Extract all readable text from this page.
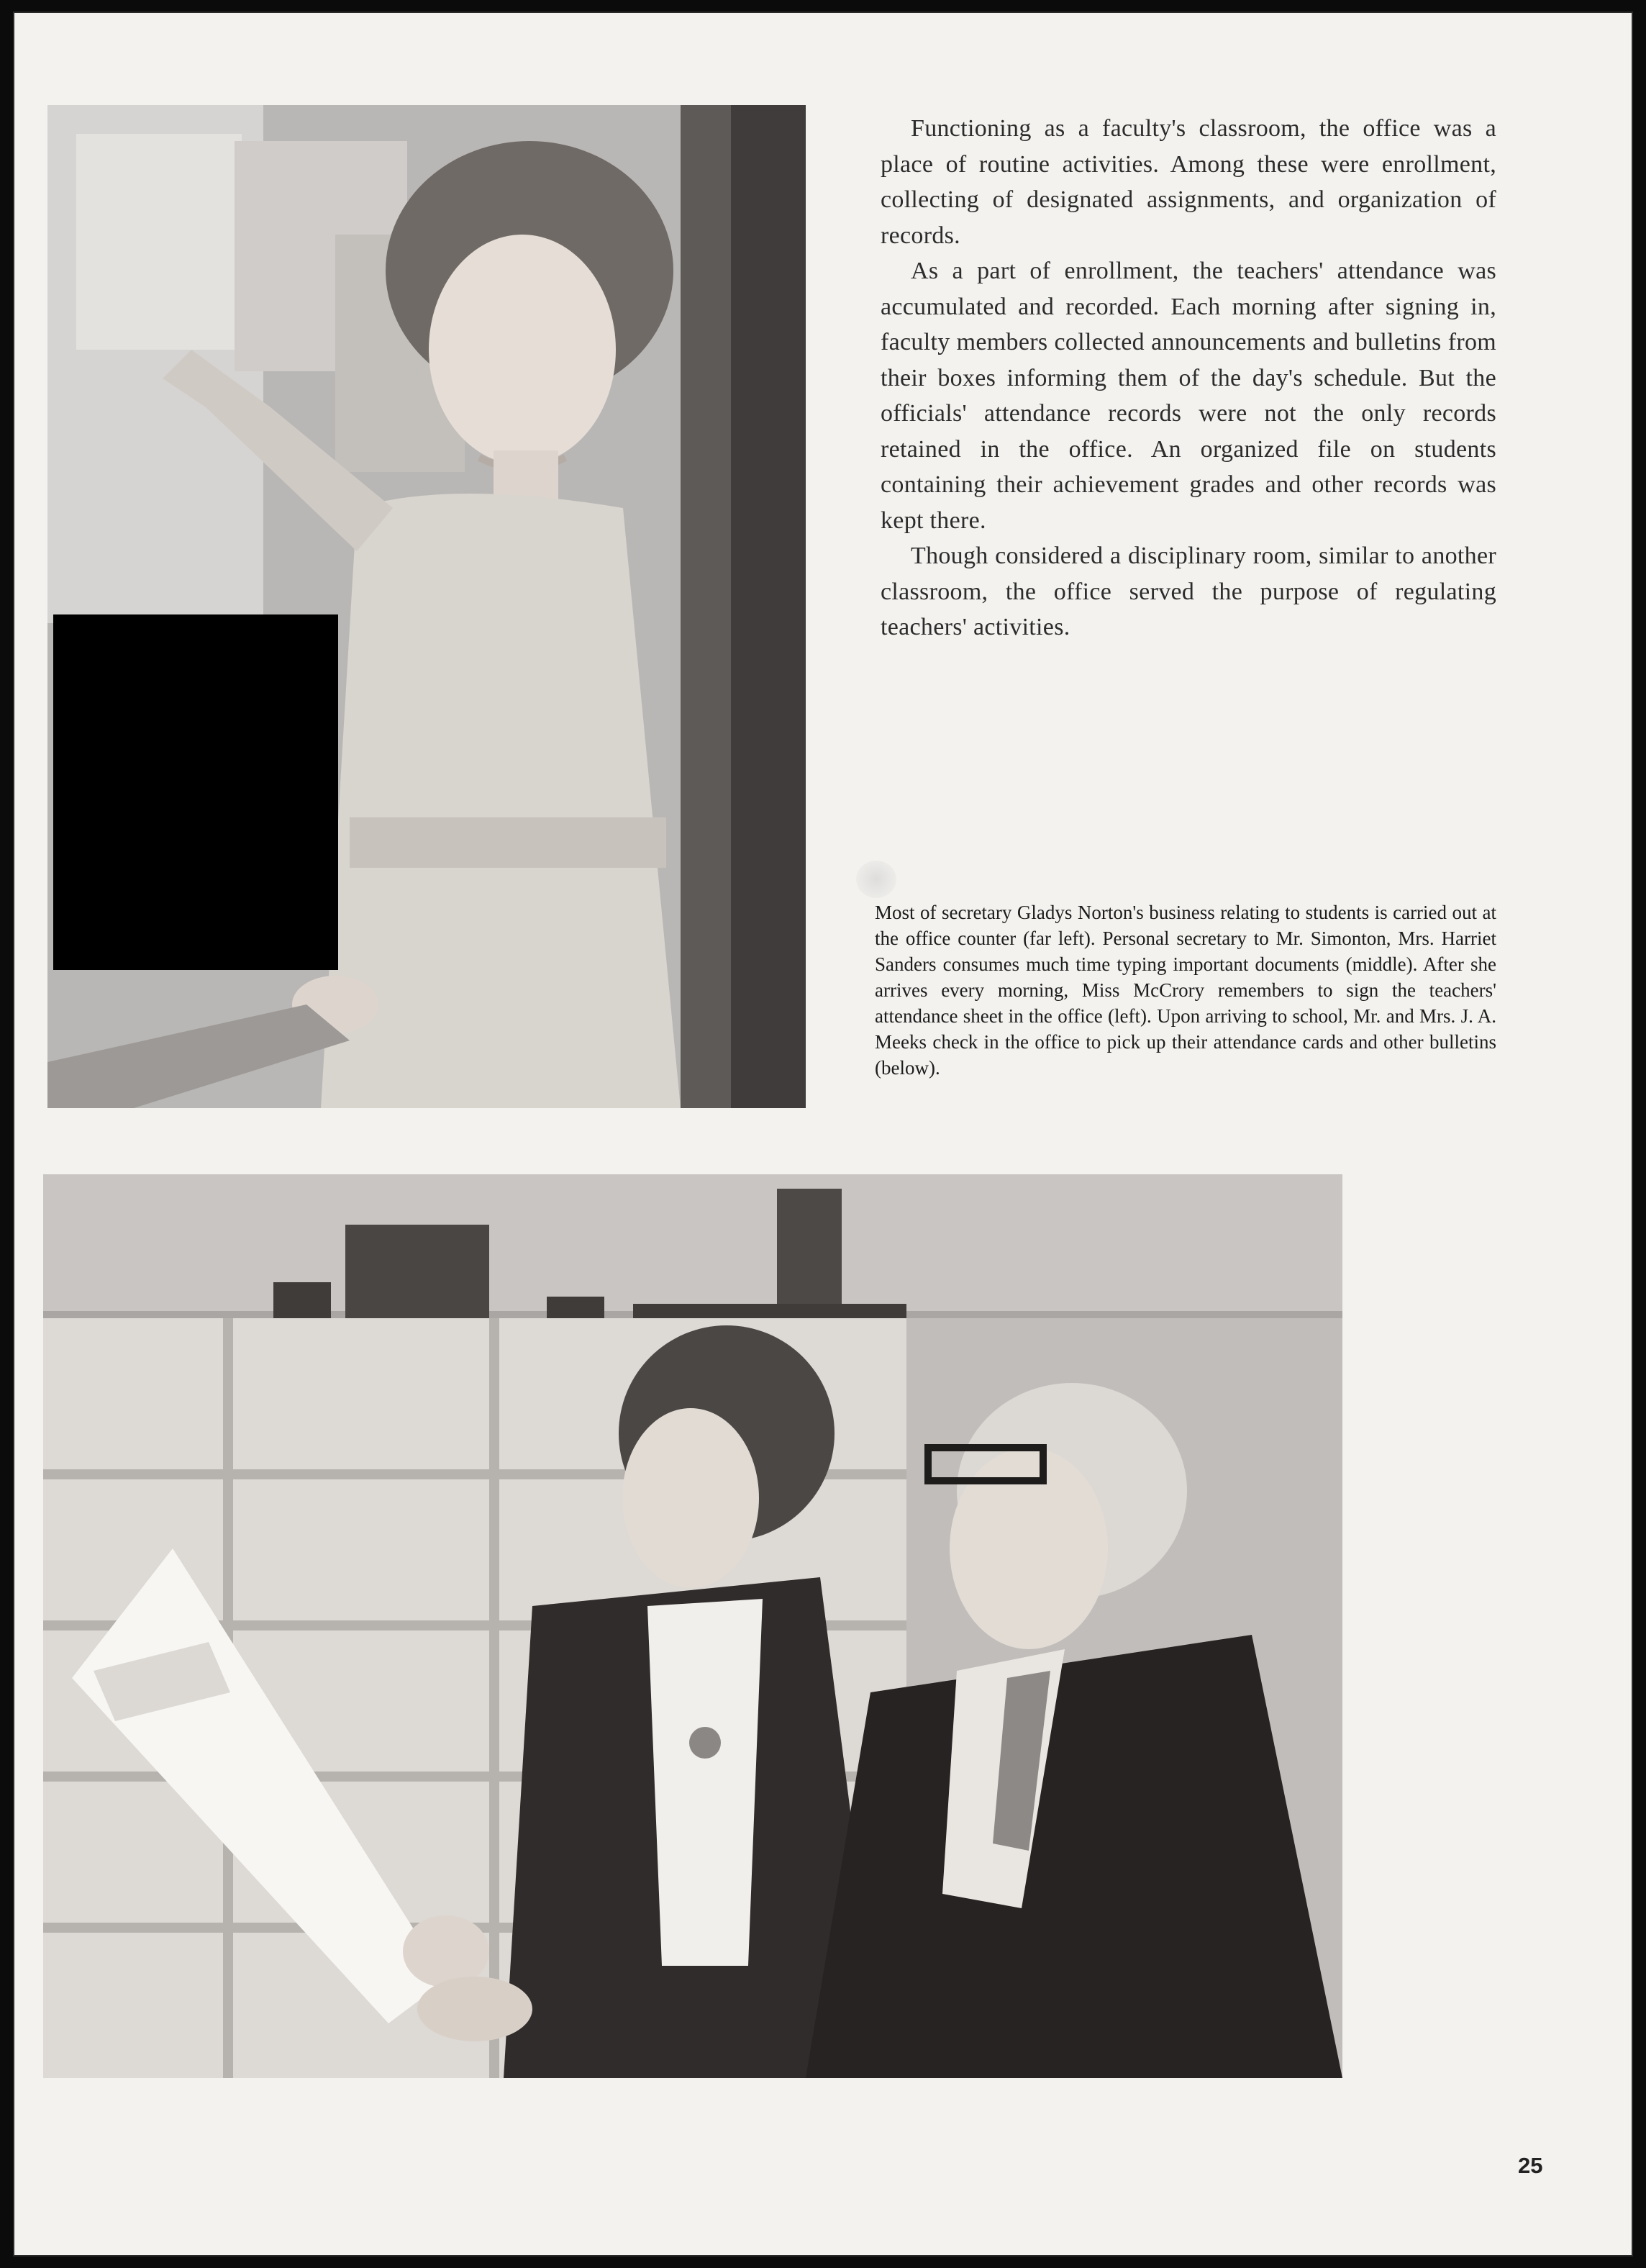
Functioning as a faculty's classroom, the office was a place of routine activities. Among these were enrollment, collecting of designated assignments, and organization of records.

As a part of enrollment, the teachers' attendance was accumulated and recorded. Each morning after signing in, faculty members collected announcements and bulletins from their boxes informing them of the day's schedule. But the officials' attendance records were not the only records retained in the office. An organized file on students containing their achievement grades and other records was kept there.

Though considered a disciplinary room, similar to another classroom, the office served the purpose of regulating teachers' activities.

Most of secretary Gladys Norton's business relating to students is carried out at the office counter (far left). Personal secretary to Mr. Simonton, Mrs. Harriet Sanders consumes much time typing important documents (middle). After she arrives every morning, Miss McCrory remembers to sign the teachers' attendance sheet in the office (left). Upon arriving to school, Mr. and Mrs. J. A. Meeks check in the office to pick up their attendance cards and other bulletins (below).
25
